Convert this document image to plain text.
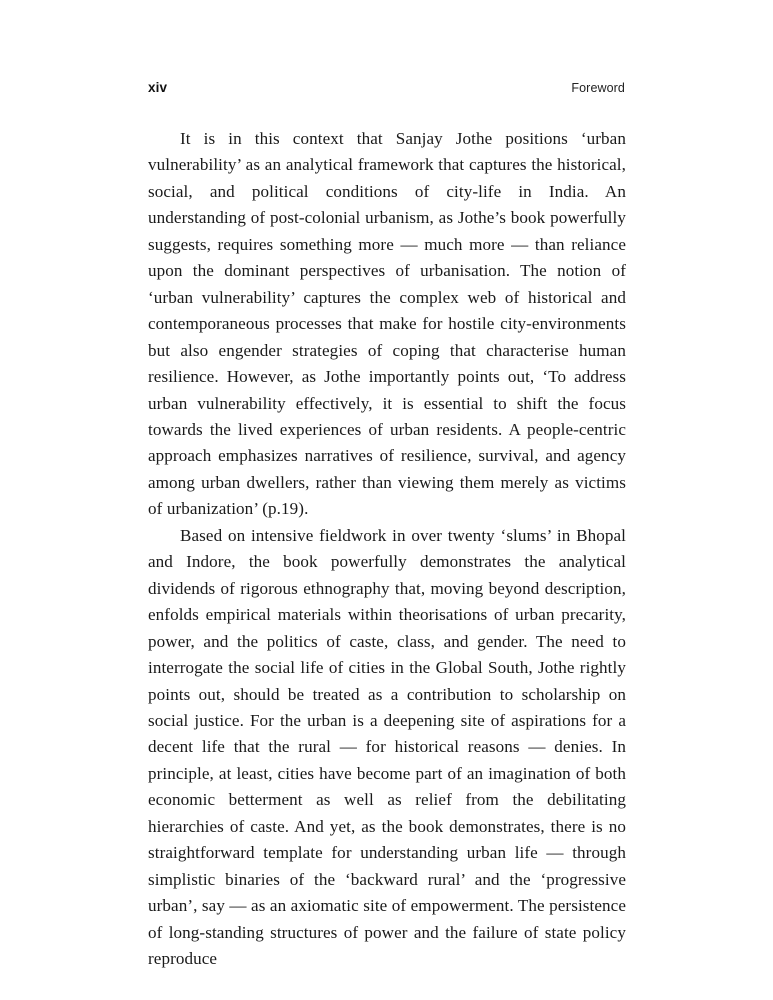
xiv	Foreword

It is in this context that Sanjay Jothe positions ‘urban vulnerability’ as an analytical framework that captures the historical, social, and political conditions of city-life in India. An understanding of post-colonial urbanism, as Jothe’s book powerfully suggests, requires something more — much more — than reliance upon the dominant perspectives of urbanisation. The notion of ‘urban vulnerability’ captures the complex web of historical and contemporaneous processes that make for hostile city-environments but also engender strategies of coping that characterise human resilience. However, as Jothe importantly points out, ‘To address urban vulnerability effectively, it is essential to shift the focus towards the lived experiences of urban residents. A people-centric approach emphasizes narratives of resilience, survival, and agency among urban dwellers, rather than viewing them merely as victims of urbanization’ (p.19).

Based on intensive fieldwork in over twenty ‘slums’ in Bhopal and Indore, the book powerfully demonstrates the analytical dividends of rigorous ethnography that, moving beyond description, enfolds empirical materials within theorisations of urban precarity, power, and the politics of caste, class, and gender. The need to interrogate the social life of cities in the Global South, Jothe rightly points out, should be treated as a contribution to scholarship on social justice. For the urban is a deepening site of aspirations for a decent life that the rural — for historical reasons — denies. In principle, at least, cities have become part of an imagination of both economic betterment as well as relief from the debilitating hierarchies of caste. And yet, as the book demonstrates, there is no straightforward template for understanding urban life — through simplistic binaries of the ‘backward rural’ and the ‘progressive urban’, say — as an axiomatic site of empowerment. The persistence of long-standing structures of power and the failure of state policy reproduce
